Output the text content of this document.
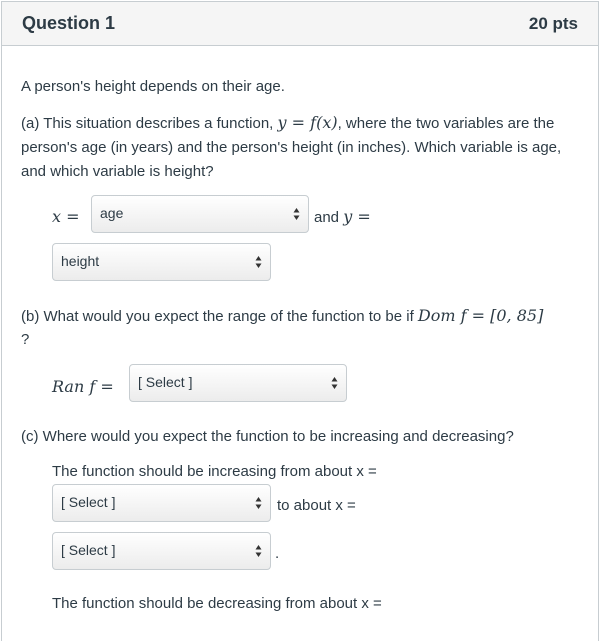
Question 1	20 pts
A person's height depends on their age.
(a) This situation describes a function, y = f(x), where the two variables are the person's age (in years) and the person's height (in inches). Which variable is age, and which variable is height?
x = age	and y =
height
(b) What would you expect the range of the function to be if Dom f = [0, 85]
?
Ran f = [ Select ]
(c) Where would you expect the function to be increasing and decreasing?
The function should be increasing from about x =
[ Select ]	to about x =
[ Select ]	.
The function should be decreasing from about x =
